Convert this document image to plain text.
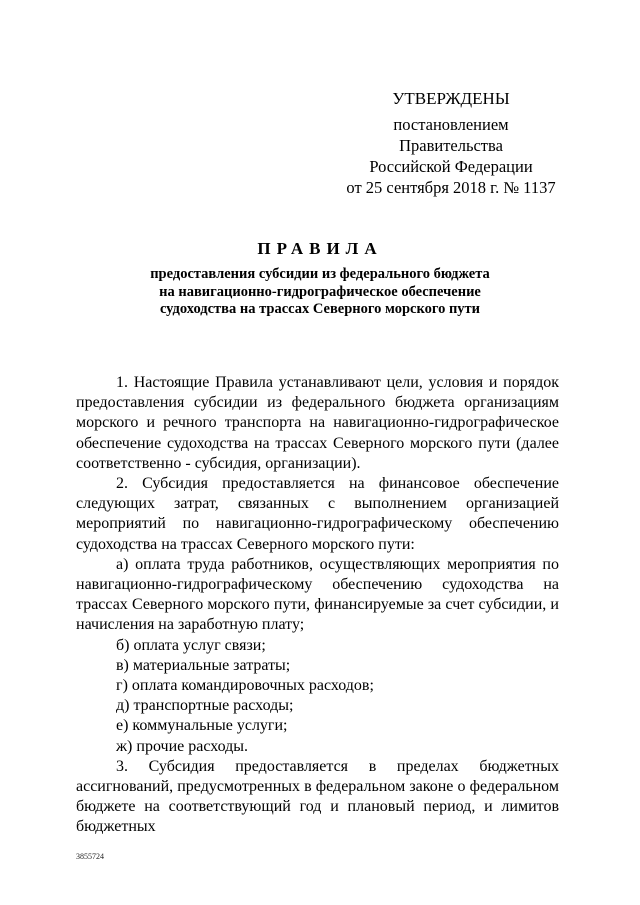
УТВЕРЖДЕНЫ
постановлением Правительства
Российской Федерации
от 25 сентября 2018 г. № 1137
ПРАВИЛА
предоставления субсидии из федерального бюджета на навигационно-гидрографическое обеспечение судоходства на трассах Северного морского пути

1. Настоящие Правила устанавливают цели, условия и порядок предоставления субсидии из федерального бюджета организациям морского и речного транспорта на навигационно-гидрографическое обеспечение судоходства на трассах Северного морского пути (далее соответственно - субсидия, организации).

2. Субсидия предоставляется на финансовое обеспечение следующих затрат, связанных с выполнением организацией мероприятий по навигационно-гидрографическому обеспечению судоходства на трассах Северного морского пути:

а) оплата труда работников, осуществляющих мероприятия по навигационно-гидрографическому обеспечению судоходства на трассах Северного морского пути, финансируемые за счет субсидии, и начисления на заработную плату;

б) оплата услуг связи;

в) материальные затраты;

г) оплата командировочных расходов;

д) транспортные расходы;

е) коммунальные услуги;

ж) прочие расходы.

3. Субсидия предоставляется в пределах бюджетных ассигнований, предусмотренных в федеральном законе о федеральном бюджете на соответствующий год и плановый период, и лимитов бюджетных

3855724
